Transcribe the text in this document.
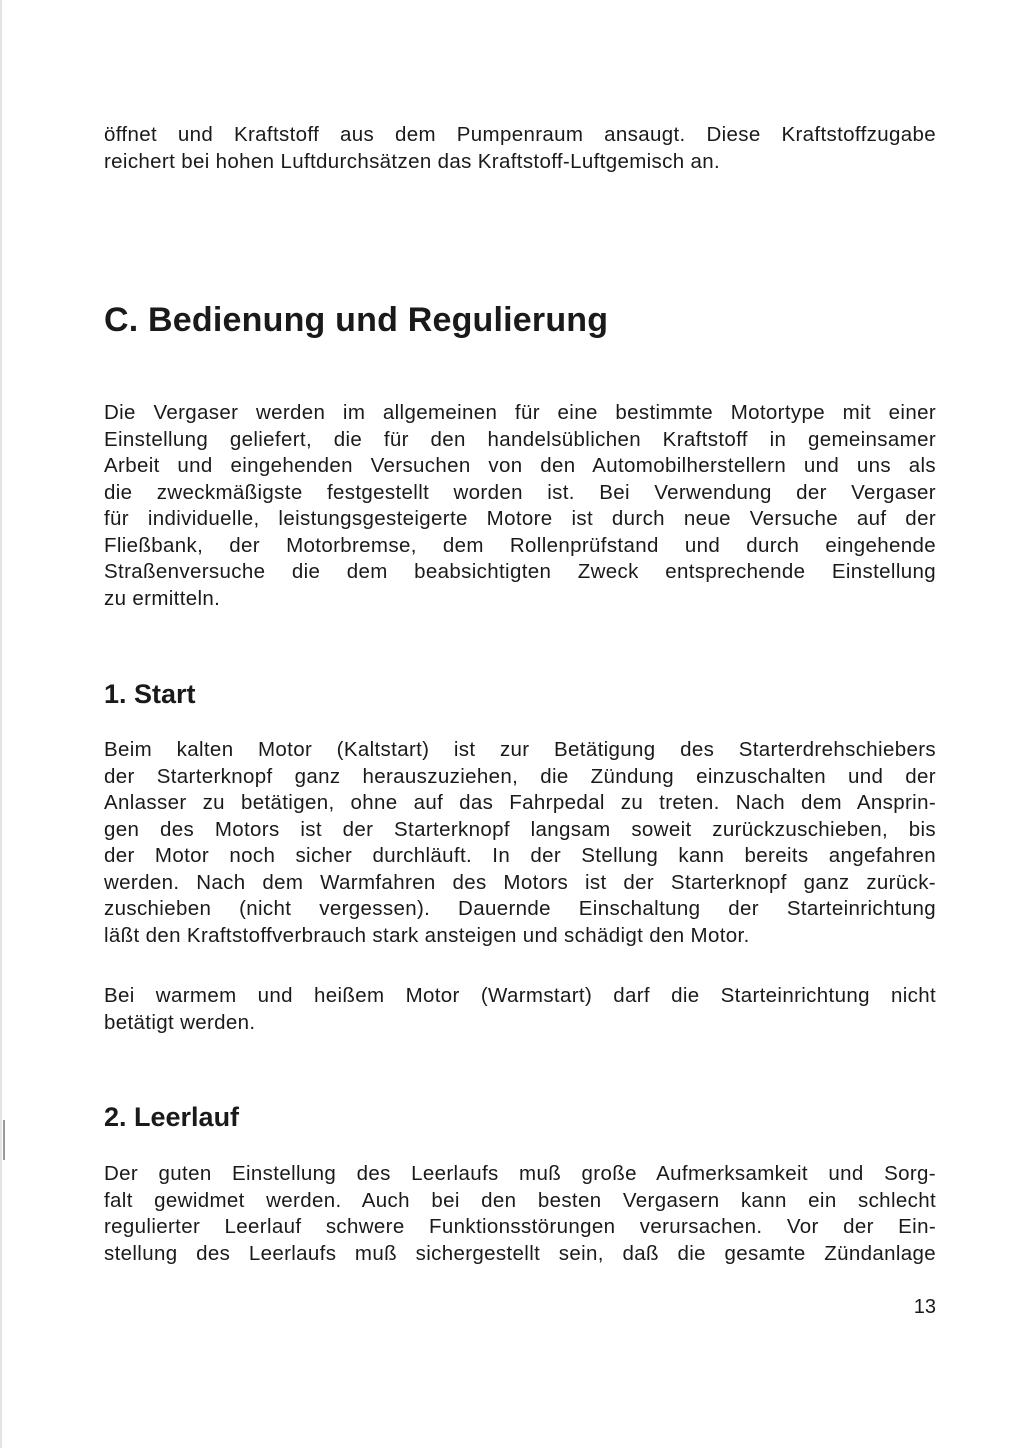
öffnet und Kraftstoff aus dem Pumpenraum ansaugt. Diese Kraftstoffzugabe
reichert bei hohen Luftdurchsätzen das Kraftstoff-Luftgemisch an.
C. Bedienung und Regulierung
Die Vergaser werden im allgemeinen für eine bestimmte Motortype mit einer
Einstellung geliefert, die für den handelsüblichen Kraftstoff in gemeinsamer
Arbeit und eingehenden Versuchen von den Automobilherstellern und uns als
die zweckmäßigste festgestellt worden ist. Bei Verwendung der Vergaser
für individuelle, leistungsgesteigerte Motore ist durch neue Versuche auf der
Fließbank, der Motorbremse, dem Rollenprüfstand und durch eingehende
Straßenversuche die dem beabsichtigten Zweck entsprechende Einstellung
zu ermitteln.
1. Start
Beim kalten Motor (Kaltstart) ist zur Betätigung des Starterdrehschiebers
der Starterknopf ganz herauszuziehen, die Zündung einzuschalten und der
Anlasser zu betätigen, ohne auf das Fahrpedal zu treten. Nach dem Ansprin-
gen des Motors ist der Starterknopf langsam soweit zurückzuschieben, bis
der Motor noch sicher durchläuft. In der Stellung kann bereits angefahren
werden. Nach dem Warmfahren des Motors ist der Starterknopf ganz zurück-
zuschieben (nicht vergessen). Dauernde Einschaltung der Starteinrichtung
läßt den Kraftstoffverbrauch stark ansteigen und schädigt den Motor.
Bei warmem und heißem Motor (Warmstart) darf die Starteinrichtung nicht
betätigt werden.
2. Leerlauf
Der guten Einstellung des Leerlaufs muß große Aufmerksamkeit und Sorg-
falt gewidmet werden. Auch bei den besten Vergasern kann ein schlecht
regulierter Leerlauf schwere Funktionsstörungen verursachen. Vor der Ein-
stellung des Leerlaufs muß sichergestellt sein, daß die gesamte Zündanlage
13
